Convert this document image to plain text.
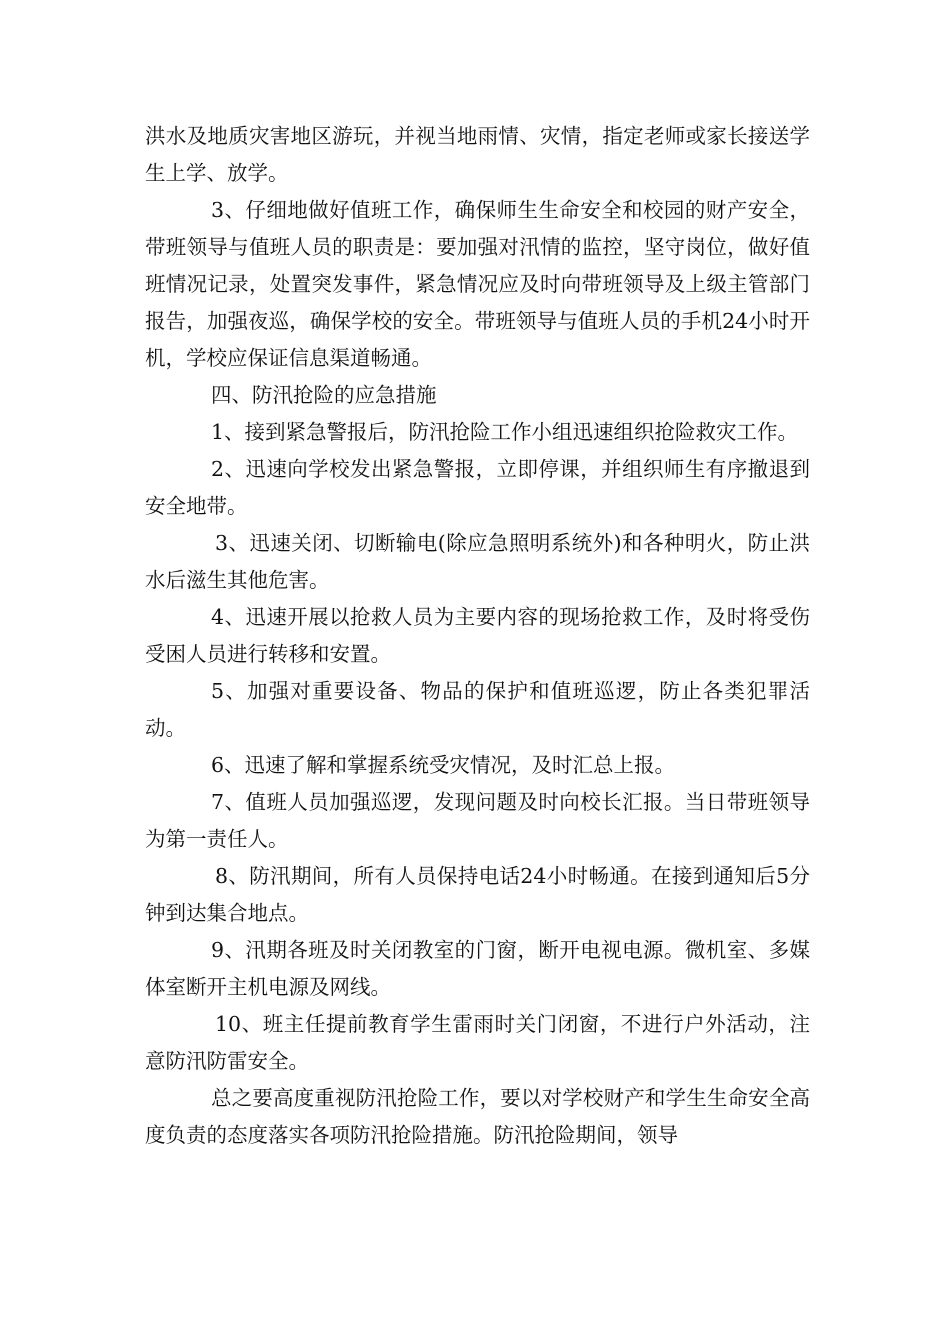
洪水及地质灾害地区游玩，并视当地雨情、灾情，指定老师或家长接送学生上学、放学。

3、仔细地做好值班工作，确保师生生命安全和校园的财产安全，带班领导与值班人员的职责是：要加强对汛情的监控，坚守岗位，做好值班情况记录，处置突发事件，紧急情况应及时向带班领导及上级主管部门报告，加强夜巡，确保学校的安全。带班领导与值班人员的手机24小时开机，学校应保证信息渠道畅通。

四、防汛抢险的应急措施

1、接到紧急警报后，防汛抢险工作小组迅速组织抢险救灾工作。

2、迅速向学校发出紧急警报，立即停课，并组织师生有序撤退到安全地带。

3、迅速关闭、切断输电(除应急照明系统外)和各种明火，防止洪水后滋生其他危害。

4、迅速开展以抢救人员为主要内容的现场抢救工作，及时将受伤受困人员进行转移和安置。

5、加强对重要设备、物品的保护和值班巡逻，防止各类犯罪活动。

6、迅速了解和掌握系统受灾情况，及时汇总上报。

7、值班人员加强巡逻，发现问题及时向校长汇报。当日带班领导为第一责任人。

8、防汛期间，所有人员保持电话24小时畅通。在接到通知后5分钟到达集合地点。

9、汛期各班及时关闭教室的门窗，断开电视电源。微机室、多媒体室断开主机电源及网线。

10、班主任提前教育学生雷雨时关门闭窗，不进行户外活动，注意防汛防雷安全。

总之要高度重视防汛抢险工作，要以对学校财产和学生生命安全高度负责的态度落实各项防汛抢险措施。防汛抢险期间，领导
